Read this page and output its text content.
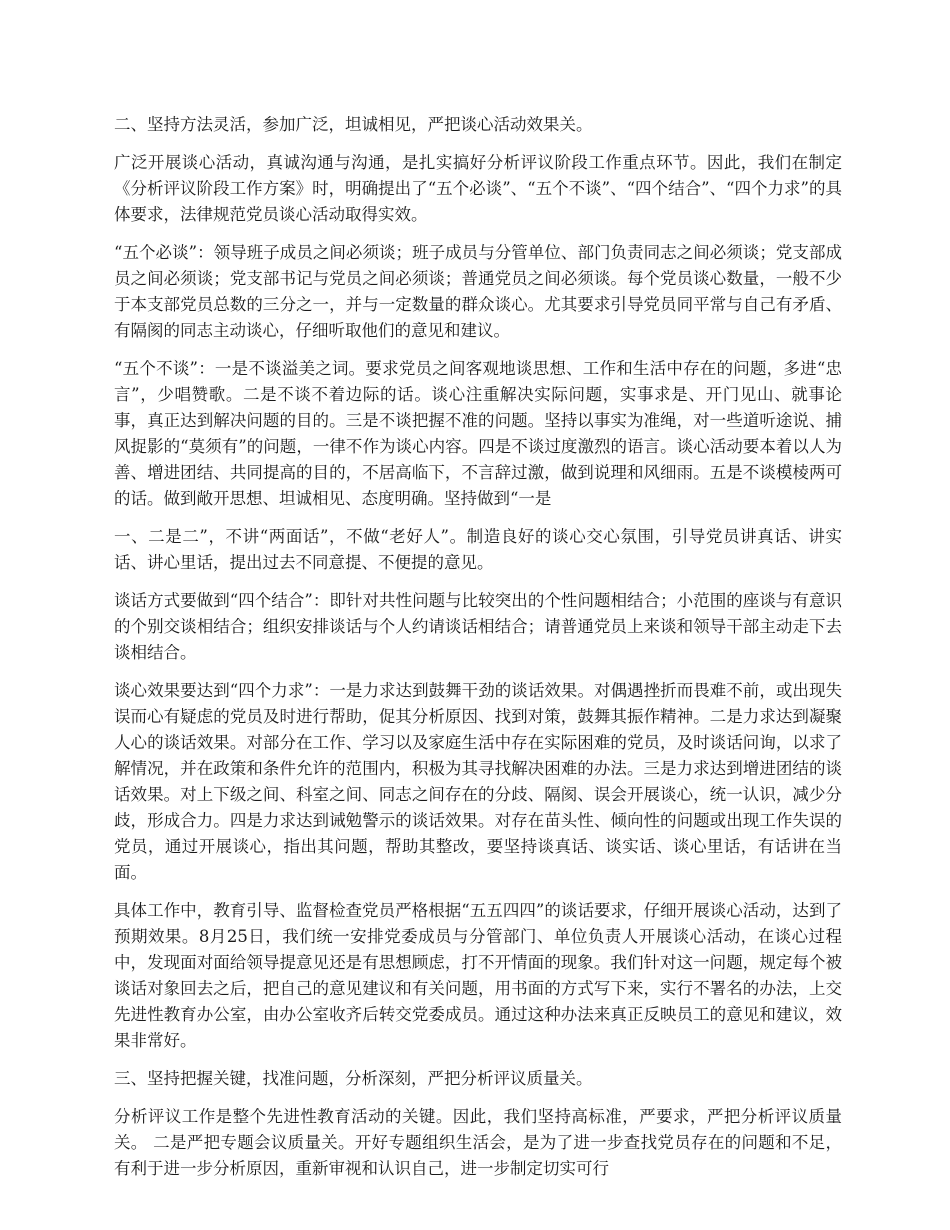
二、坚持方法灵活，参加广泛，坦诚相见，严把谈心活动效果关。

广泛开展谈心活动，真诚沟通与沟通，是扎实搞好分析评议阶段工作重点环节。因此，我们在制定《分析评议阶段工作方案》时，明确提出了“五个必谈”、“五个不谈”、“四个结合”、“四个力求”的具体要求，法律规范党员谈心活动取得实效。

“五个必谈”：领导班子成员之间必须谈；班子成员与分管单位、部门负责同志之间必须谈；党支部成员之间必须谈；党支部书记与党员之间必须谈；普通党员之间必须谈。每个党员谈心数量，一般不少于本支部党员总数的三分之一，并与一定数量的群众谈心。尤其要求引导党员同平常与自己有矛盾、有隔阂的同志主动谈心，仔细听取他们的意见和建议。

“五个不谈”：一是不谈溢美之词。要求党员之间客观地谈思想、工作和生活中存在的问题，多进“忠言”，少唱赞歌。二是不谈不着边际的话。谈心注重解决实际问题，实事求是、开门见山、就事论事，真正达到解决问题的目的。三是不谈把握不准的问题。坚持以事实为准绳，对一些道听途说、捕风捉影的“莫须有”的问题，一律不作为谈心内容。四是不谈过度激烈的语言。谈心活动要本着以人为善、增进团结、共同提高的目的，不居高临下，不言辞过激，做到说理和风细雨。五是不谈模棱两可的话。做到敞开思想、坦诚相见、态度明确。坚持做到“一是

一、二是二”，不讲“两面话”，不做“老好人”。制造良好的谈心交心氛围，引导党员讲真话、讲实话、讲心里话，提出过去不同意提、不便提的意见。

谈话方式要做到“四个结合”：即针对共性问题与比较突出的个性问题相结合；小范围的座谈与有意识的个别交谈相结合；组织安排谈话与个人约请谈话相结合；请普通党员上来谈和领导干部主动走下去谈相结合。

谈心效果要达到“四个力求”：一是力求达到鼓舞干劲的谈话效果。对偶遇挫折而畏难不前，或出现失误而心有疑虑的党员及时进行帮助，促其分析原因、找到对策，鼓舞其振作精神。二是力求达到凝聚人心的谈话效果。对部分在工作、学习以及家庭生活中存在实际困难的党员，及时谈话问询，以求了解情况，并在政策和条件允许的范围内，积极为其寻找解决困难的办法。三是力求达到增进团结的谈话效果。对上下级之间、科室之间、同志之间存在的分歧、隔阂、误会开展谈心，统一认识，减少分歧，形成合力。四是力求达到诫勉警示的谈话效果。对存在苗头性、倾向性的问题或出现工作失误的党员，通过开展谈心，指出其问题，帮助其整改，要坚持谈真话、谈实话、谈心里话，有话讲在当面。

具体工作中，教育引导、监督检查党员严格根据“五五四四”的谈话要求，仔细开展谈心活动，达到了预期效果。8月25日，我们统一安排党委成员与分管部门、单位负责人开展谈心活动，在谈心过程中，发现面对面给领导提意见还是有思想顾虑，打不开情面的现象。我们针对这一问题，规定每个被谈话对象回去之后，把自己的意见建议和有关问题，用书面的方式写下来，实行不署名的办法，上交先进性教育办公室，由办公室收齐后转交党委成员。通过这种办法来真正反映员工的意见和建议，效果非常好。

三、坚持把握关键，找准问题，分析深刻，严把分析评议质量关。

分析评议工作是整个先进性教育活动的关键。因此，我们坚持高标准，严要求，严把分析评议质量关。 二是严把专题会议质量关。开好专题组织生活会，是为了进一步查找党员存在的问题和不足，有利于进一步分析原因，重新审视和认识自己，进一步制定切实可行
